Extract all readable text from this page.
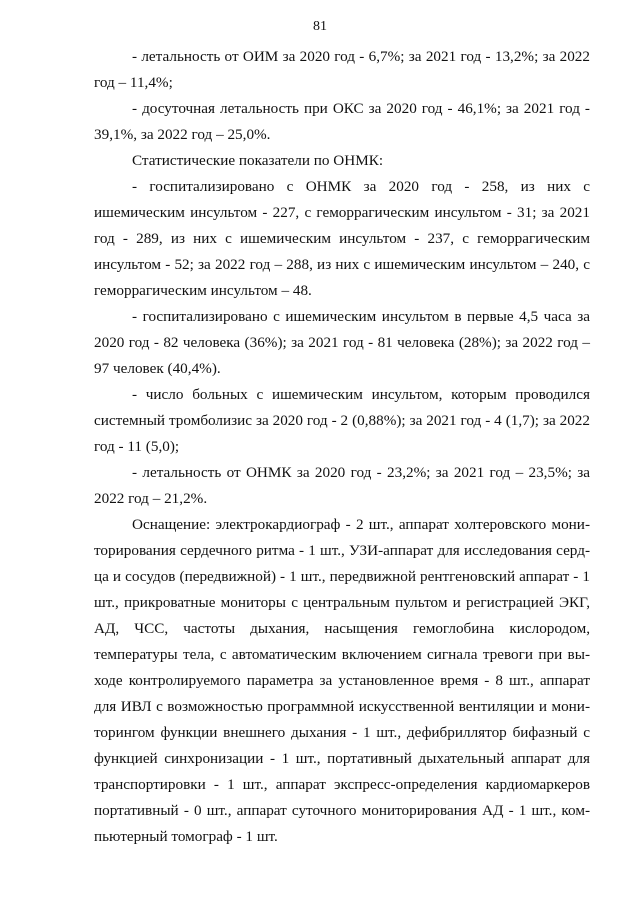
81

- летальность от ОИМ за 2020 год - 6,7%; за 2021 год - 13,2%; за 2022 год – 11,4%;

- досуточная летальность при ОКС за 2020 год - 46,1%; за 2021 год - 39,1%, за 2022 год – 25,0%.

Статистические показатели по ОНМК:

- госпитализировано с ОНМК за 2020 год - 258, из них с ишемическим инсультом - 227, с геморрагическим инсультом - 31; за 2021 год - 289, из них с ишемическим инсультом - 237, с геморрагическим инсультом - 52; за 2022 год – 288, из них с ишемическим инсультом – 240, с геморрагическим инсультом – 48.

- госпитализировано с ишемическим инсультом в первые 4,5 часа за 2020 год - 82 человека (36%); за 2021 год - 81 человека (28%); за 2022 год – 97 человек (40,4%).

- число больных с ишемическим инсультом, которым проводился системный тромболизис за 2020 год - 2 (0,88%); за 2021 год - 4 (1,7); за 2022 год - 11 (5,0);

- летальность от ОНМК за 2020 год - 23,2%; за 2021 год – 23,5%; за 2022 год – 21,2%.

Оснащение: электрокардиограф - 2 шт., аппарат холтеровского мониторирования сердечного ритма - 1 шт., УЗИ-аппарат для исследования сердца и сосудов (передвижной) - 1 шт., передвижной рентгеновский аппарат - 1 шт., прикроватные мониторы с центральным пультом и регистрацией ЭКГ, АД, ЧСС, частоты дыхания, насыщения гемоглобина кислородом, температуры тела, с автоматическим включением сигнала тревоги при выходе контролируемого параметра за установленное время - 8 шт., аппарат для ИВЛ с возможностью программной искусственной вентиляции и мониторингом функции внешнего дыхания - 1 шт., дефибриллятор бифазный с функцией синхронизации - 1 шт., портативный дыхательный аппарат для транспортировки - 1 шт., аппарат экспресс-определения кардиомаркеров портативный - 0 шт., аппарат суточного мониторирования АД - 1 шт., компьютерный томограф - 1 шт.
